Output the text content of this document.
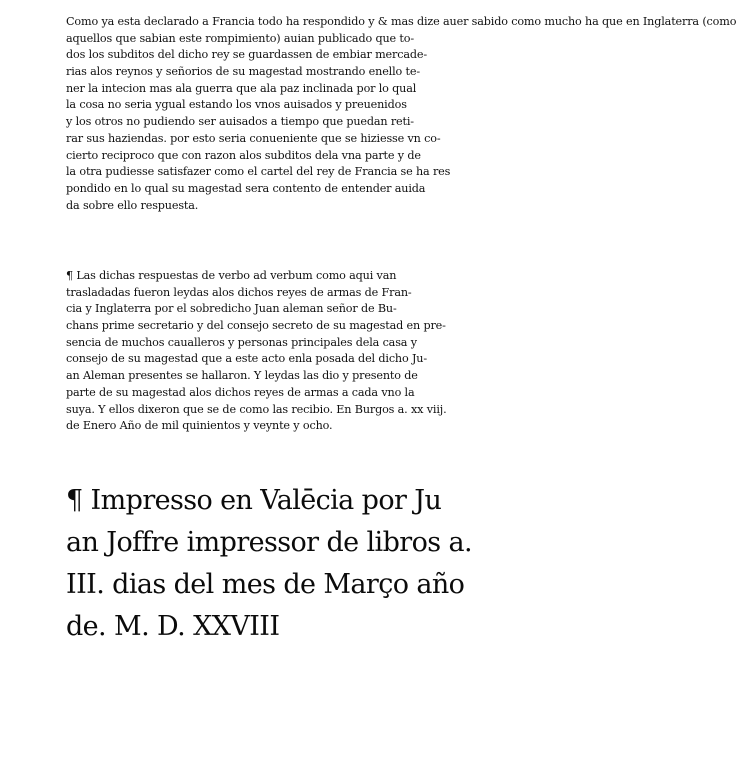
Como ya esta declarado a Francia todo ha respondido y & mas dize auer sabido como mucho ha que en Inglaterra (como
aquellos que sabian este rompimiento) auian publicado que to-
dos los subditos del dicho rey se guardassen de embiar mercade-
rias alos reynos y señorios de su magestad mostrando enello te-
ner la intecion mas ala guerra que ala paz inclinada por lo qual
la cosa no seria ygual estando los vnos auisados y preuenidos
y los otros no pudiendo ser auisados a tiempo que puedan reti-
rar sus haziendas. por esto seria conueniente que se hiziesse vn co-
cierto reciproco que con razon alos subditos dela vna parte y de
la otra pudiesse satisfazer como el cartel del rey de Francia se ha res
pondido en lo qual su magestad sera contento de entender auida
da sobre ello respuesta.
¶ Las dichas respuestas de verbo ad verbum como aqui van
trasladadas fueron leydas alos dichos reyes de armas de Fran-
cia y Inglaterra por el sobredicho Juan aleman señor de Bu-
chans prime secretario y del consejo secreto de su magestad en pre-
sencia de muchos caualleros y personas principales dela casa y
consejo de su magestad que a este acto enla posada del dicho Ju-
an Aleman presentes se hallaron. Y leydas las dio y presento de
parte de su magestad alos dichos reyes de armas a cada vno la
suya. Y ellos dixeron que se de como las recibio. En Burgos a. xx viij.
de Enero Año de mil quinientos y veynte y ocho.
¶ Impresso en Valēcia por Ju
an Joffre impressor de libros a.
III. dias del mes de Março año
de. M. D. XXVIII
